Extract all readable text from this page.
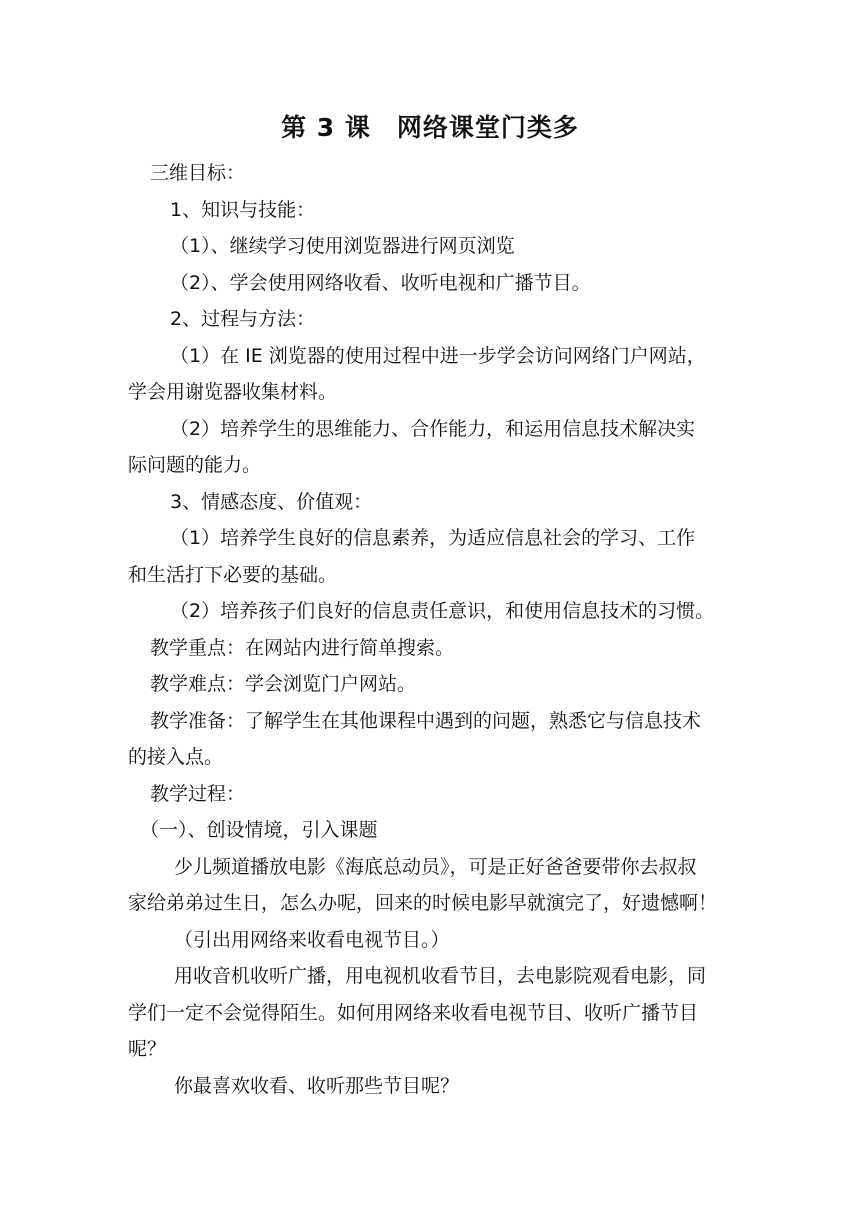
第 3 课　网络课堂门类多
三维目标：
1、知识与技能：
（1）、继续学习使用浏览器进行网页浏览
（2）、学会使用网络收看、收听电视和广播节目。
2、过程与方法：
（1）在 IE 浏览器的使用过程中进一步学会访问网络门户网站，
学会用谢览器收集材料。
（2）培养学生的思维能力、合作能力，和运用信息技术解决实
际问题的能力。
3、情感态度、价值观：
（1）培养学生良好的信息素养，为适应信息社会的学习、工作
和生活打下必要的基础。
（2）培养孩子们良好的信息责任意识，和使用信息技术的习惯。
教学重点：在网站内进行简单搜索。
教学难点：学会浏览门户网站。
教学准备：了解学生在其他课程中遇到的问题，熟悉它与信息技术
的接入点。
教学过程：
（一）、创设情境，引入课题
少儿频道播放电影《海底总动员》，可是正好爸爸要带你去叔叔
家给弟弟过生日，怎么办呢，回来的时候电影早就演完了，好遗憾啊！
（引出用网络来收看电视节目。）
用收音机收听广播，用电视机收看节目，去电影院观看电影，同
学们一定不会觉得陌生。如何用网络来收看电视节目、收听广播节目
呢？
你最喜欢收看、收听那些节目呢？
